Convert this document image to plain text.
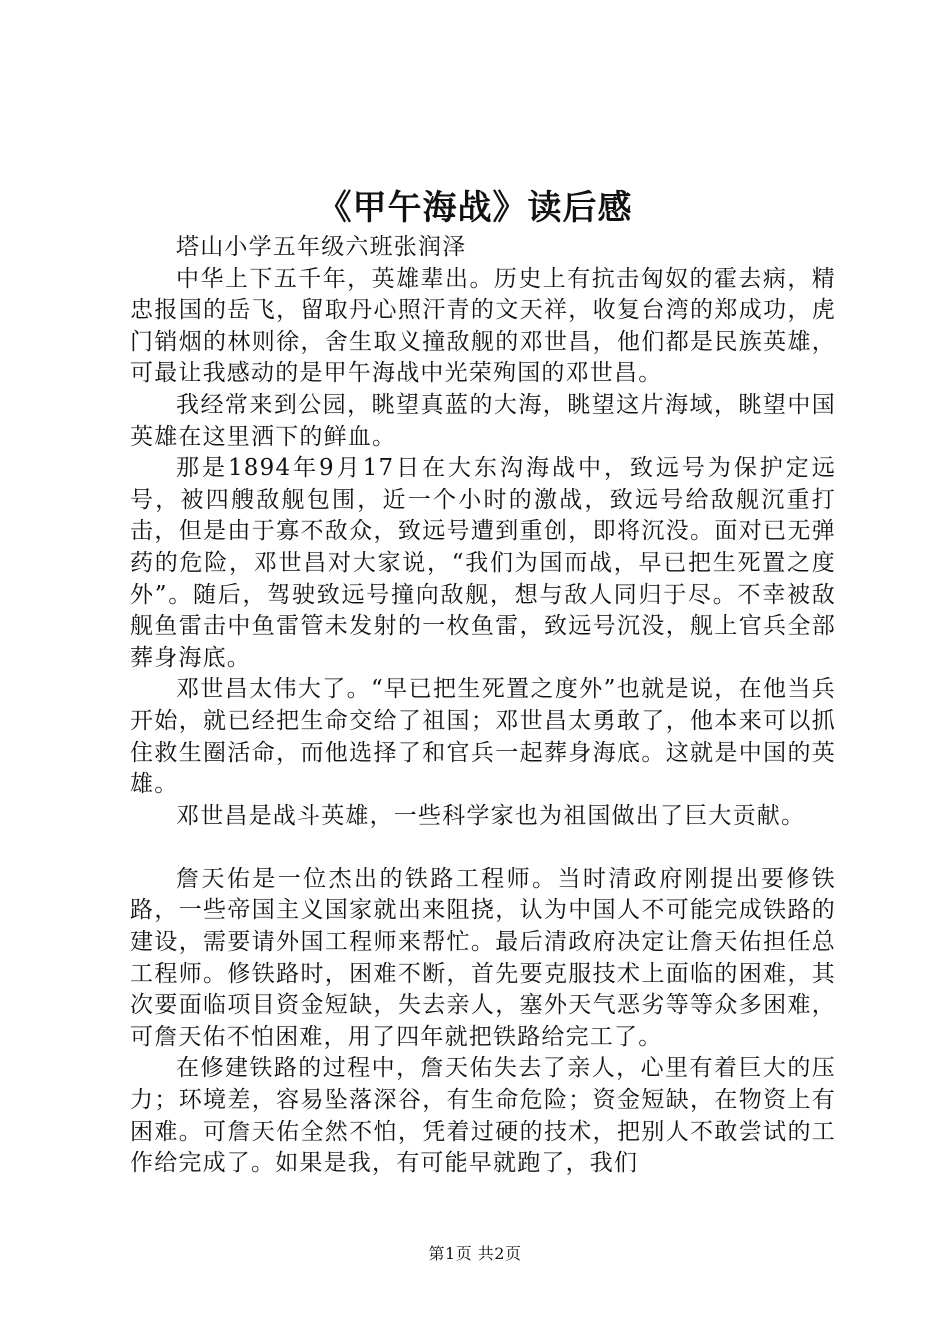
《甲午海战》读后感

塔山小学五年级六班张润泽

中华上下五千年，英雄辈出。历史上有抗击匈奴的霍去病，精忠报国的岳飞，留取丹心照汗青的文天祥，收复台湾的郑成功，虎门销烟的林则徐，舍生取义撞敌舰的邓世昌，他们都是民族英雄，可最让我感动的是甲午海战中光荣殉国的邓世昌。

我经常来到公园，眺望真蓝的大海，眺望这片海域，眺望中国英雄在这里洒下的鲜血。

那是1894年9月17日在大东沟海战中，致远号为保护定远号，被四艘敌舰包围，近一个小时的激战，致远号给敌舰沉重打击，但是由于寡不敌众，致远号遭到重创，即将沉没。面对已无弹药的危险，邓世昌对大家说，“我们为国而战，早已把生死置之度外”。随后，驾驶致远号撞向敌舰，想与敌人同归于尽。不幸被敌舰鱼雷击中鱼雷管未发射的一枚鱼雷，致远号沉没，舰上官兵全部葬身海底。

邓世昌太伟大了。“早已把生死置之度外”也就是说，在他当兵开始，就已经把生命交给了祖国；邓世昌太勇敢了，他本来可以抓住救生圈活命，而他选择了和官兵一起葬身海底。这就是中国的英雄。

邓世昌是战斗英雄，一些科学家也为祖国做出了巨大贡献。

詹天佑是一位杰出的铁路工程师。当时清政府刚提出要修铁路，一些帝国主义国家就出来阻挠，认为中国人不可能完成铁路的建设，需要请外国工程师来帮忙。最后清政府决定让詹天佑担任总工程师。修铁路时，困难不断，首先要克服技术上面临的困难，其次要面临项目资金短缺，失去亲人，塞外天气恶劣等等众多困难，可詹天佑不怕困难，用了四年就把铁路给完工了。

在修建铁路的过程中，詹天佑失去了亲人，心里有着巨大的压力；环境差，容易坠落深谷，有生命危险；资金短缺，在物资上有困难。可詹天佑全然不怕，凭着过硬的技术，把别人不敢尝试的工作给完成了。如果是我，有可能早就跑了，我们

第1页 共2页
